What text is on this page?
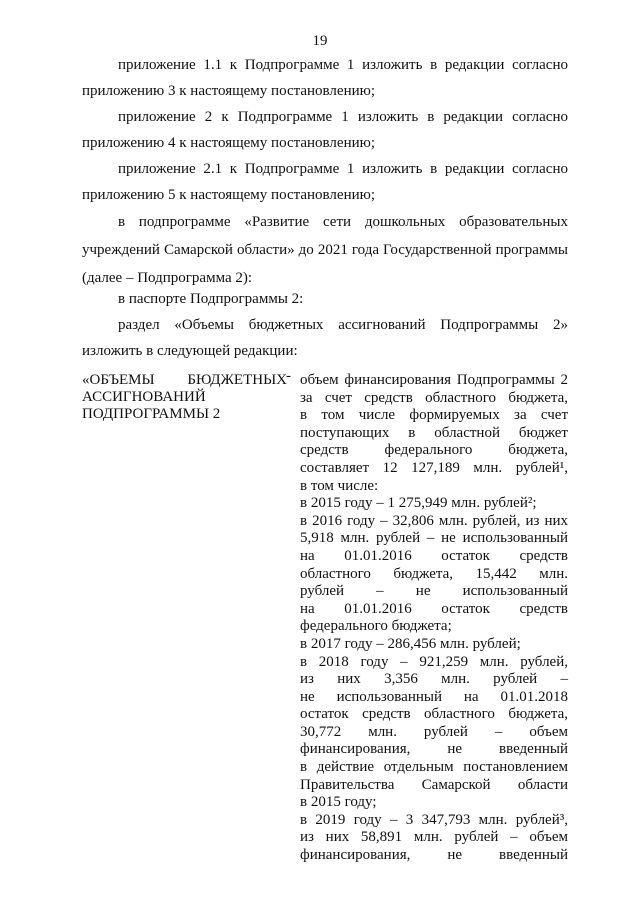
19
приложение 1.1 к Подпрограмме 1 изложить в редакции согласно приложению 3 к настоящему постановлению;
приложение 2 к Подпрограмме 1 изложить в редакции согласно приложению 4 к настоящему постановлению;
приложение 2.1 к Подпрограмме 1 изложить в редакции согласно приложению 5 к настоящему постановлению;
в подпрограмме «Развитие сети дошкольных образовательных учреждений Самарской области» до 2021 года Государственной программы (далее – Подпрограмма 2):
в паспорте Подпрограммы 2:
раздел «Объемы бюджетных ассигнований Подпрограммы 2» изложить в следующей редакции:
«ОБЪЕМЫ БЮДЖЕТНЫХ
АССИГНОВАНИЙ
ПОДПРОГРАММЫ 2
- объем финансирования Подпрограммы 2
за счет средств областного бюджета,
в том числе формируемых за счет
поступающих в областной бюджет
средств федерального бюджета,
составляет 12 127,189 млн. рублей¹,
в том числе:
в 2015 году – 1 275,949 млн. рублей²;
в 2016 году – 32,806 млн. рублей, из них
5,918 млн. рублей – не использованный
на 01.01.2016 остаток средств
областного бюджета, 15,442 млн.
рублей – не использованный
на 01.01.2016 остаток средств
федерального бюджета;
в 2017 году – 286,456 млн. рублей;
в 2018 году – 921,259 млн. рублей,
из них 3,356 млн. рублей –
не использованный на 01.01.2018
остаток средств областного бюджета,
30,772 млн. рублей – объем
финансирования, не введенный
в действие отдельным постановлением
Правительства Самарской области
в 2015 году;
в 2019 году – 3 347,793 млн. рублей³,
из них 58,891 млн. рублей – объем
финансирования, не введенный
